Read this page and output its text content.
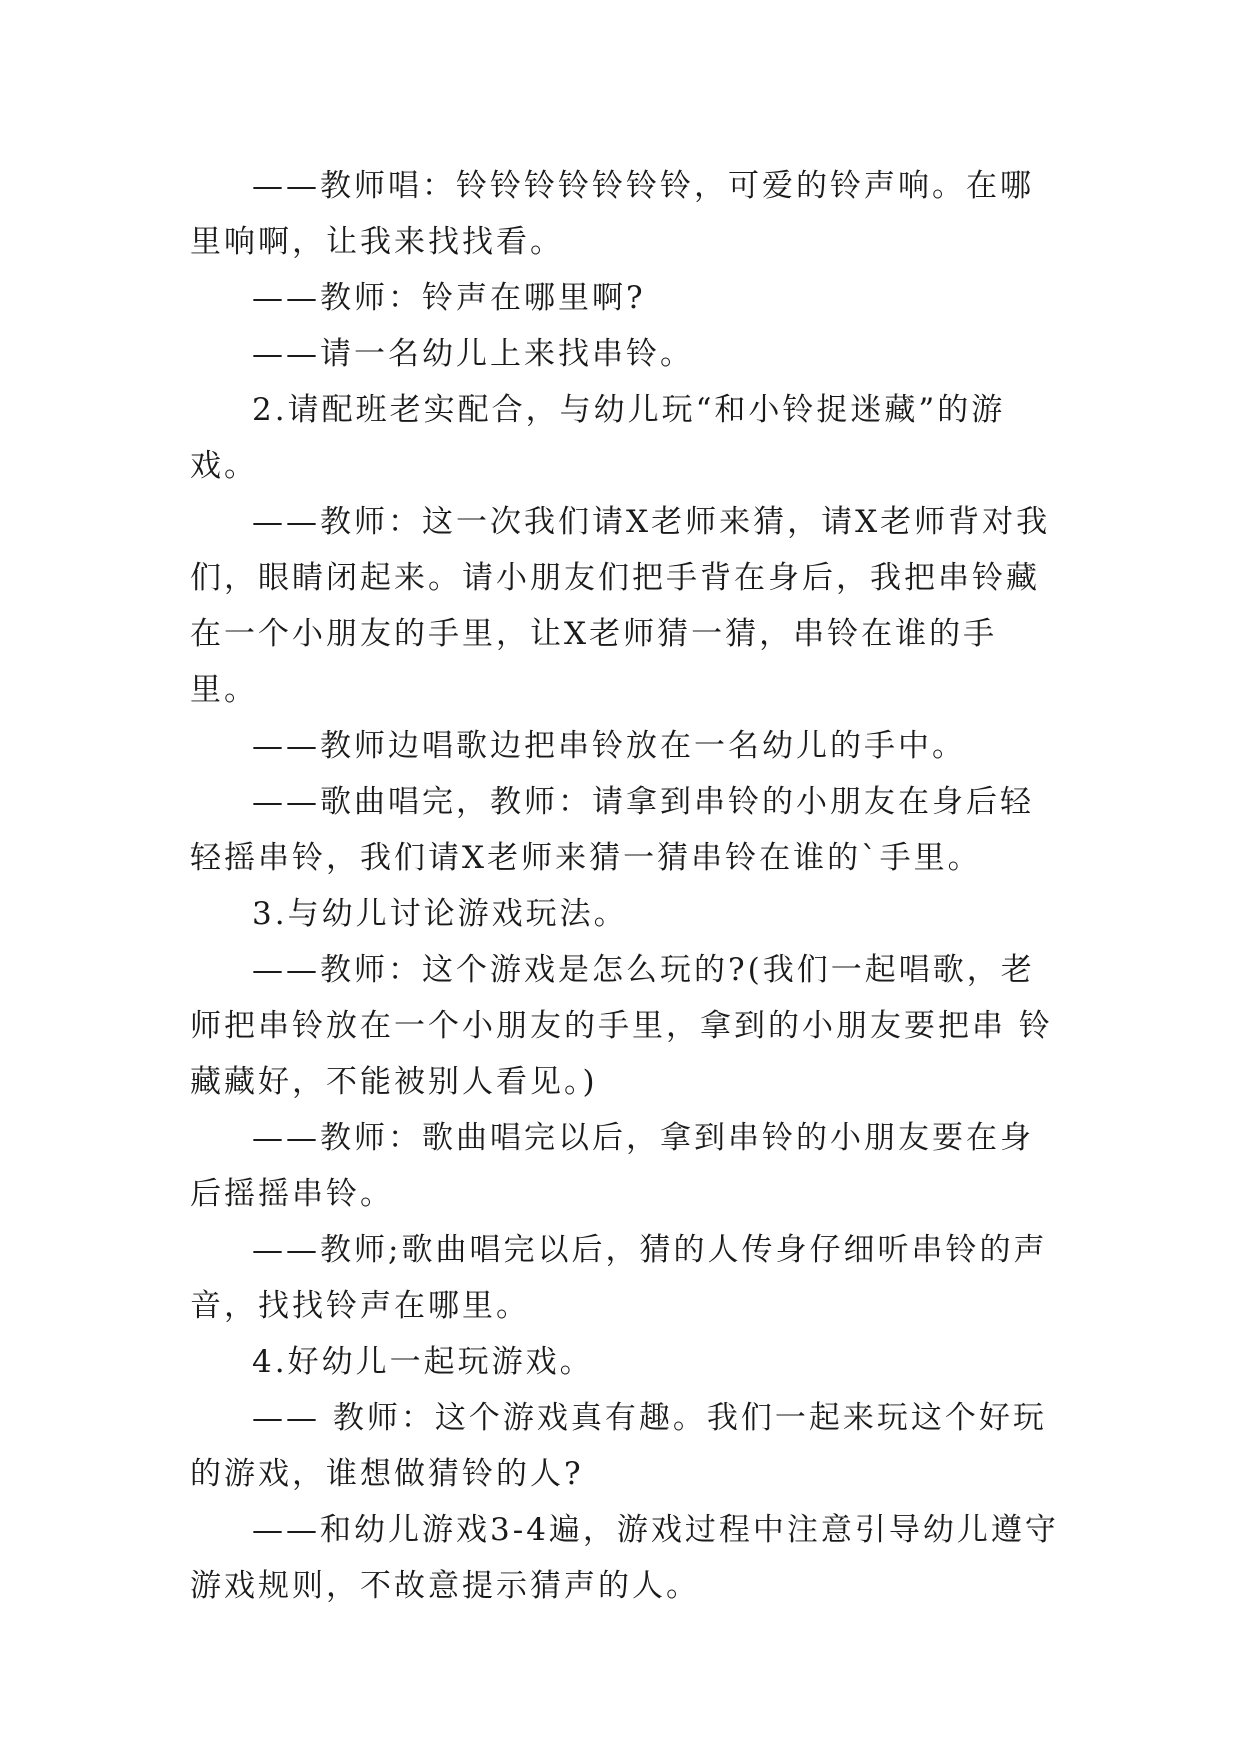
——教师唱：铃铃铃铃铃铃铃，可爱的铃声响。在哪里响啊，让我来找找看。

——教师：铃声在哪里啊?

——请一名幼儿上来找串铃。

2.请配班老实配合，与幼儿玩“和小铃捉迷藏”的游戏。

——教师：这一次我们请X老师来猜，请X老师背对我们，眼睛闭起来。请小朋友们把手背在身后，我把串铃藏在一个小朋友的手里，让X老师猜一猜，串铃在谁的手里。

——教师边唱歌边把串铃放在一名幼儿的手中。

——歌曲唱完，教师：请拿到串铃的小朋友在身后轻轻摇串铃，我们请X老师来猜一猜串铃在谁的`手里。

3.与幼儿讨论游戏玩法。

——教师：这个游戏是怎么玩的?(我们一起唱歌，老师把串铃放在一个小朋友的手里，拿到的小朋友要把串 铃藏藏好，不能被别人看见。)

——教师：歌曲唱完以后，拿到串铃的小朋友要在身后摇摇串铃。

——教师;歌曲唱完以后，猜的人传身仔细听串铃的声音，找找铃声在哪里。

4.好幼儿一起玩游戏。

—— 教师：这个游戏真有趣。我们一起来玩这个好玩的游戏，谁想做猜铃的人?

——和幼儿游戏3-4遍，游戏过程中注意引导幼儿遵守游戏规则，不故意提示猜声的人。
